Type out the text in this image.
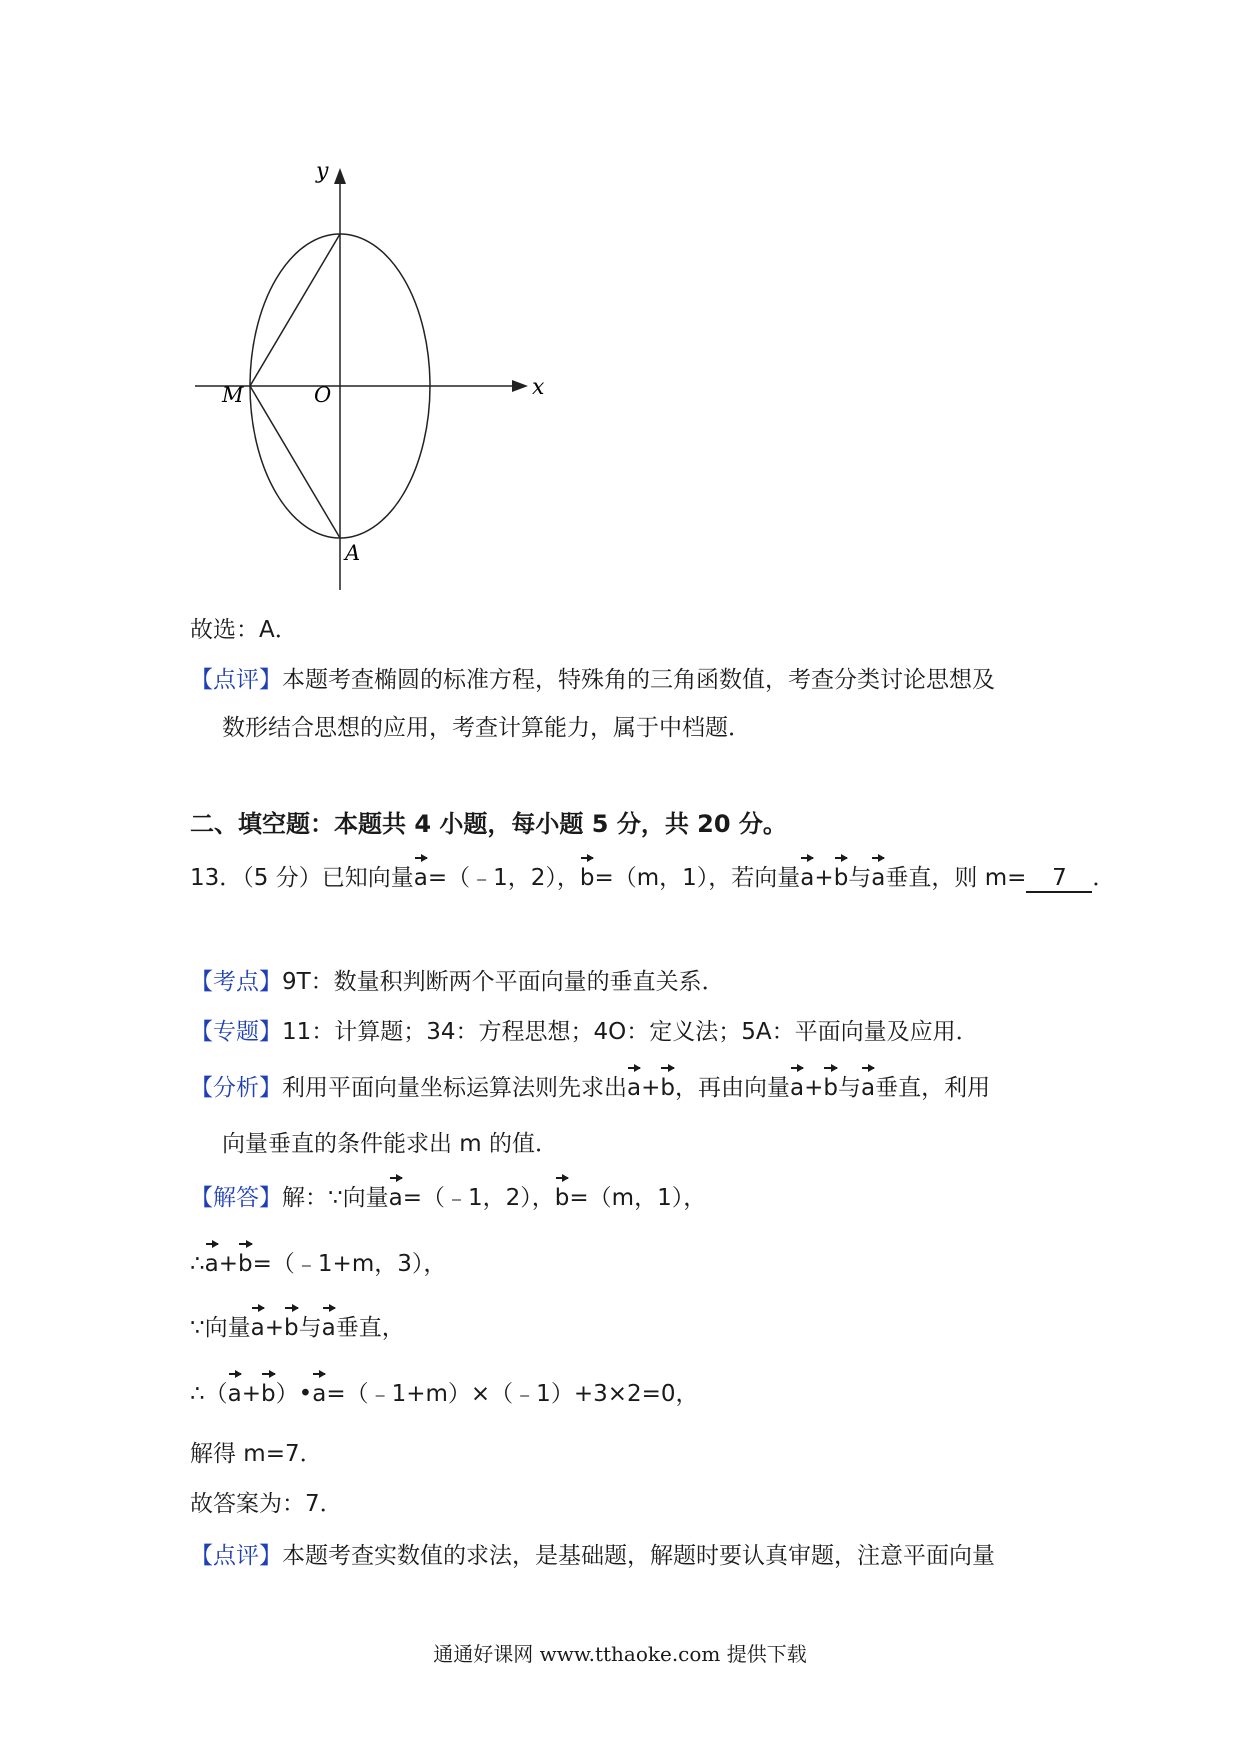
y
x
M	O
A
故选：A．
【点评】本题考查椭圆的标准方程，特殊角的三角函数值，考查分类讨论思想及
数形结合思想的应用，考查计算能力，属于中档题．
二、填空题：本题共 4 小题，每小题 5 分，共 20 分。
13．（5 分）已知向量a=（﹣1，2），b=（m，1），若向量a+b与a垂直，则 m= 7 ．
【考点】9T：数量积判断两个平面向量的垂直关系．
【专题】11：计算题；34：方程思想；4O：定义法；5A：平面向量及应用．
【分析】利用平面向量坐标运算法则先求出a+b，再由向量a+b与a垂直，利用
向量垂直的条件能求出 m 的值．
【解答】解：∵向量a=（﹣1，2），b=（m，1），
∴a+b=（﹣1+m，3），
∵向量a+b与a垂直，
∴（a+b）•a=（﹣1+m）×（﹣1）+3×2=0，
解得 m=7．
故答案为：7．
【点评】本题考查实数值的求法，是基础题，解题时要认真审题，注意平面向量
通通好课网 www.tthaoke.com 提供下载
